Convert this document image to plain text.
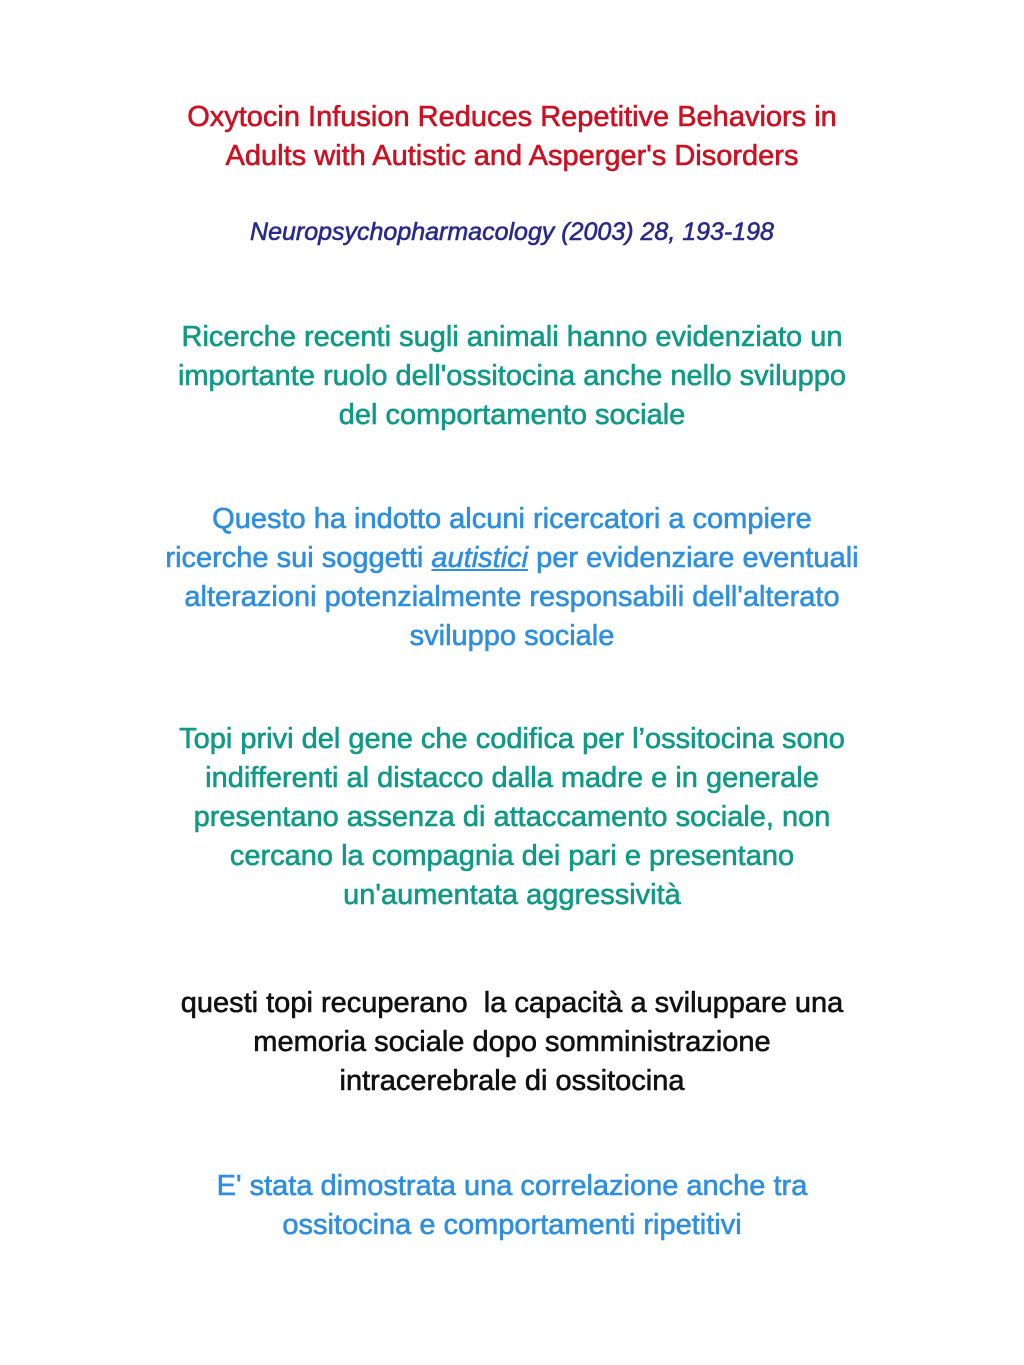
Oxytocin Infusion Reduces Repetitive Behaviors in
Adults with Autistic and Asperger's Disorders
Neuropsychopharmacology (2003) 28, 193-198
Ricerche recenti sugli animali hanno evidenziato un
importante ruolo dell'ossitocina anche nello sviluppo
del comportamento sociale
Questo ha indotto alcuni ricercatori a compiere
ricerche sui soggetti autistici per evidenziare eventuali
alterazioni potenzialmente responsabili dell'alterato
sviluppo sociale
Topi privi del gene che codifica per l’ossitocina sono
indifferenti al distacco dalla madre e in generale
presentano assenza di attaccamento sociale, non
cercano la compagnia dei pari e presentano
un'aumentata aggressività
questi topi recuperano  la capacità a sviluppare una
memoria sociale dopo somministrazione
intracerebrale di ossitocina
E' stata dimostrata una correlazione anche tra
ossitocina e comportamenti ripetitivi
